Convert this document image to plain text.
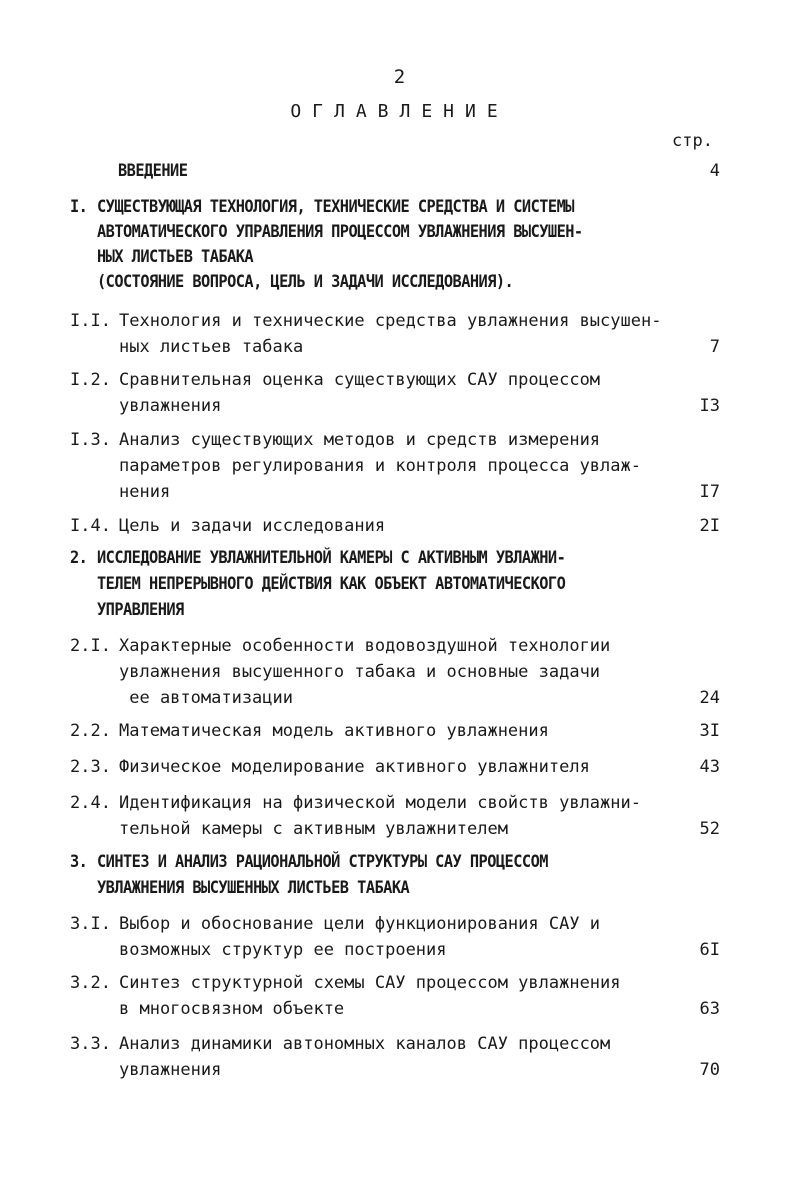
2
ОГЛАВЛЕНИЕ
стр.
ВВЕДЕНИЕ	4
I. СУЩЕСТВУЮЩАЯ ТЕХНОЛОГИЯ, ТЕХНИЧЕСКИЕ СРЕДСТВА И СИСТЕМЫ
АВТОМАТИЧЕСКОГО УПРАВЛЕНИЯ ПРОЦЕССОМ УВЛАЖНЕНИЯ ВЫСУШЕН-
НЫХ ЛИСТЬЕВ ТАБАКА
(СОСТОЯНИЕ ВОПРОСА, ЦЕЛЬ И ЗАДАЧИ ИССЛЕДОВАНИЯ).
I.I. Технология и технические средства увлажнения высушен-
ных листьев табака	7
I.2. Сравнительная оценка существующих САУ процессом
увлажнения	I3
I.3. Анализ существующих методов и средств измерения
параметров регулирования и контроля процесса увлаж-
нения	I7
I.4. Цель и задачи исследования	2I
2. ИССЛЕДОВАНИЕ УВЛАЖНИТЕЛЬНОЙ КАМЕРЫ С АКТИВНЫМ УВЛАЖНИ-
ТЕЛЕМ НЕПРЕРЫВНОГО ДЕЙСТВИЯ КАК ОБЪЕКТ АВТОМАТИЧЕСКОГО
УПРАВЛЕНИЯ
2.I. Характерные особенности водовоздушной технологии
увлажнения высушенного табака и основные задачи
ее автоматизации	24
2.2. Математическая модель активного увлажнения	3I
2.3. Физическое моделирование активного увлажнителя	43
2.4. Идентификация на физической модели свойств увлажни-
тельной камеры с активным увлажнителем	52
3. СИНТЕЗ И АНАЛИЗ РАЦИОНАЛЬНОЙ СТРУКТУРЫ САУ ПРОЦЕССОМ
УВЛАЖНЕНИЯ ВЫСУШЕННЫХ ЛИСТЬЕВ ТАБАКА
3.I. Выбор и обоснование цели функционирования САУ и
возможных структур ее построения	6I
3.2. Синтез структурной схемы САУ процессом увлажнения
в многосвязном объекте	63
3.3. Анализ динамики автономных каналов САУ процессом
увлажнения	70
